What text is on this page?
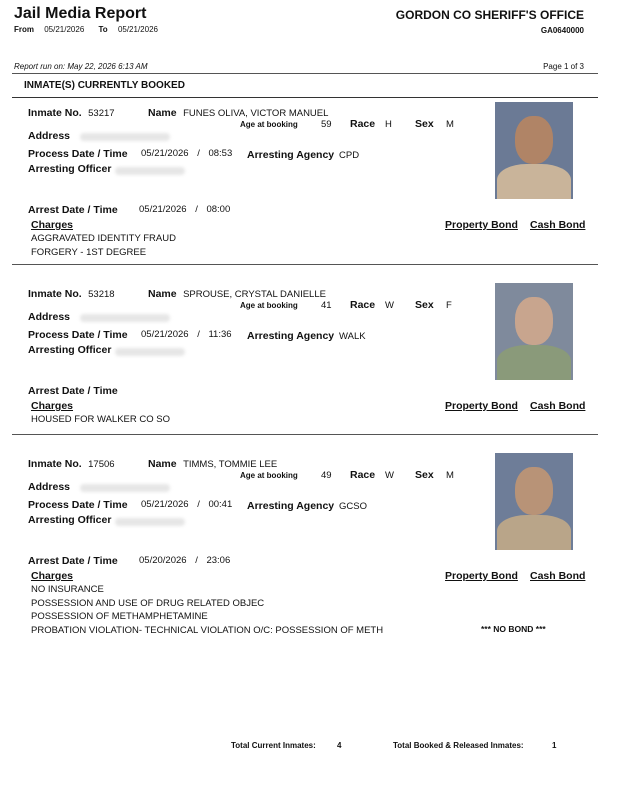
Jail Media Report
From 05/21/2026 To 05/21/2026
GORDON CO SHERIFF'S OFFICE
GA0640000
Report run on: May 22, 2026 6:13 AM	Page 1 of 3
INMATE(S) CURRENTLY BOOKED
Inmate No. 53217	Name FUNES OLIVA, VICTOR MANUEL
Age at booking 59 Race H Sex M
Address
Process Date / Time 05/21/2026 / 08:53 Arresting Agency CPD
Arresting Officer
Arrest Date / Time 05/21/2026 / 08:00
Charges	Property Bond Cash Bond
AGGRAVATED IDENTITY FRAUD
FORGERY - 1ST DEGREE
Inmate No. 53218	Name SPROUSE, CRYSTAL DANIELLE
Age at booking 41 Race W Sex F
Address
Process Date / Time 05/21/2026 / 11:36 Arresting Agency WALK
Arresting Officer
Arrest Date / Time
Charges	Property Bond Cash Bond
HOUSED FOR WALKER CO SO
Inmate No. 17506	Name TIMMS, TOMMIE LEE
Age at booking 49 Race W Sex M
Address
Process Date / Time 05/21/2026 / 00:41 Arresting Agency GCSO
Arresting Officer
Arrest Date / Time 05/20/2026 / 23:06
Charges	Property Bond Cash Bond
NO INSURANCE
POSSESSION AND USE OF DRUG RELATED OBJEC
POSSESSION OF METHAMPHETAMINE
PROBATION VIOLATION- TECHNICAL VIOLATION O/C: POSSESSION OF METH	*** NO BOND ***
Total Current Inmates:	4	Total Booked & Released Inmates:	1
